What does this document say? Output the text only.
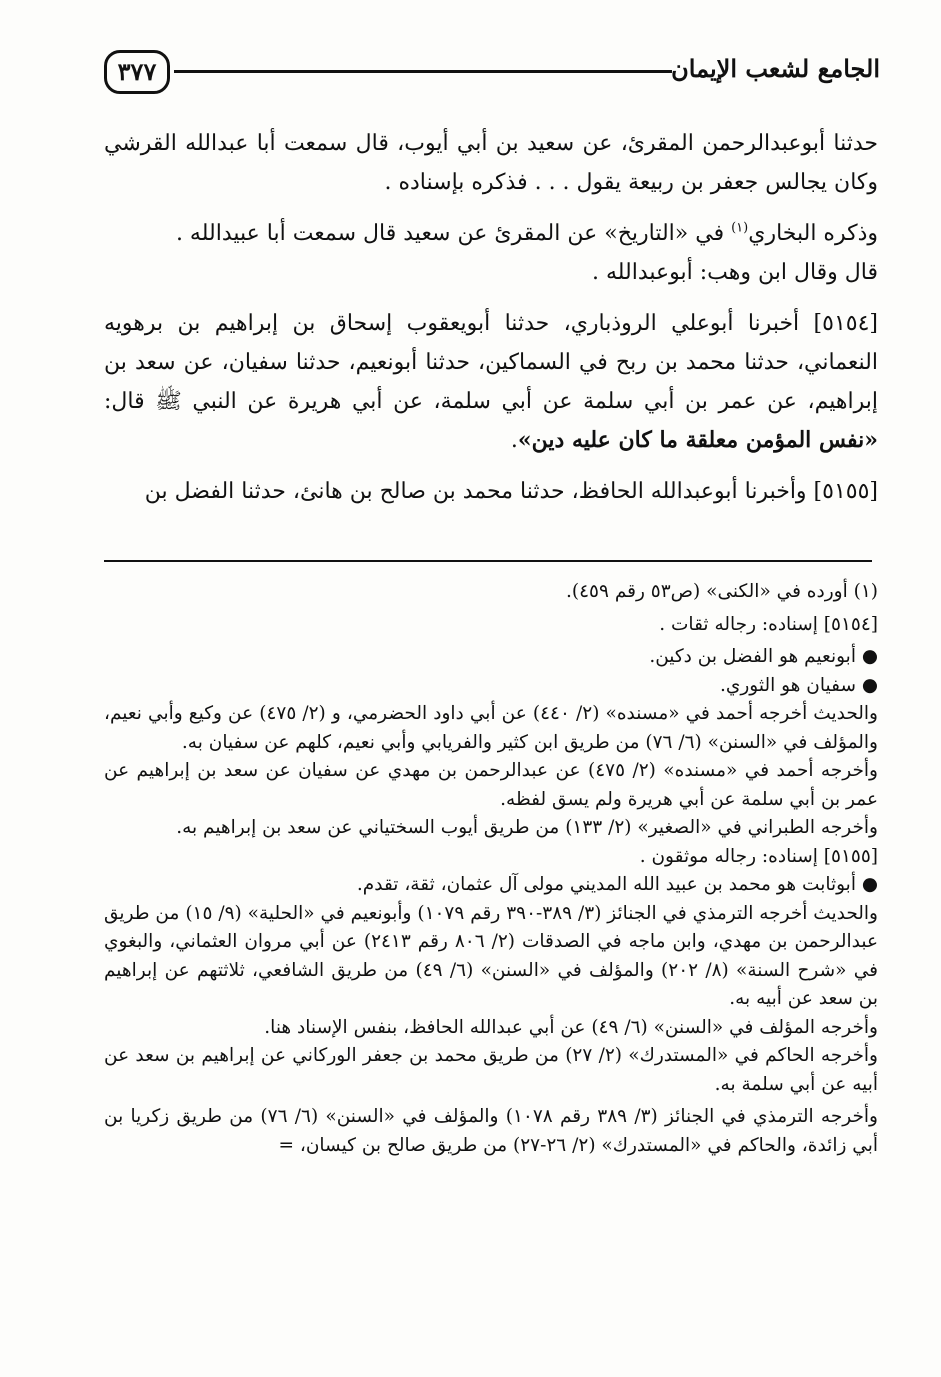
٣٧٧	الجامع لشعب الإيمان

حدثنا أبوعبدالرحمن المقرئ، عن سعيد بن أبي أيوب، قال سمعت أبا عبدالله القرشي وكان يجالس جعفر بن ربيعة يقول . . . فذكره بإسناده .

وذكره البخاري$^{(١)}$ في «التاريخ» عن المقرئ عن سعيد قال سمعت أبا عبيدالله .

قال وقال ابن وهب: أبوعبدالله .

[٥١٥٤] أخبرنا أبوعلي الروذباري، حدثنا أبويعقوب إسحاق بن إبراهيم بن برهويه النعماني، حدثنا محمد بن ربح في السماكين، حدثنا أبونعيم، حدثنا سفيان، عن سعد بن إبراهيم، عن عمر بن أبي سلمة عن أبي سلمة، عن أبي هريرة عن النبي ﷺ قال: «نفس المؤمن معلقة ما كان عليه دين».

[٥١٥٥] وأخبرنا أبوعبدالله الحافظ، حدثنا محمد بن صالح بن هانئ، حدثنا الفضل بن

(١) أورده في «الكنى» (ص٥٣ رقم ٤٥٩).

[٥١٥٤] إسناده: رجاله ثقات .

● أبونعيم هو الفضل بن دكين.

● سفيان هو الثوري.

والحديث أخرجه أحمد في «مسنده» (٢/ ٤٤٠) عن أبي داود الحضرمي، و (٢/ ٤٧٥) عن وكيع وأبي نعيم، والمؤلف في «السنن» (٦/ ٧٦) من طريق ابن كثير والفريابي وأبي نعيم، كلهم عن سفيان به.

وأخرجه أحمد في «مسنده» (٢/ ٤٧٥) عن عبدالرحمن بن مهدي عن سفيان عن سعد بن إبراهيم عن عمر بن أبي سلمة عن أبي هريرة ولم يسق لفظه.

وأخرجه الطبراني في «الصغير» (٢/ ١٣٣) من طريق أيوب السختياني عن سعد بن إبراهيم به.

[٥١٥٥] إسناده: رجاله موثقون .

● أبوثابت هو محمد بن عبيد الله المديني مولى آل عثمان، ثقة، تقدم.

والحديث أخرجه الترمذي في الجنائز (٣/ ٣٨٩-٣٩٠ رقم ١٠٧٩) وأبونعيم في «الحلية» (٩/ ١٥) من طريق عبدالرحمن بن مهدي، وابن ماجه في الصدقات (٢/ ٨٠٦ رقم ٢٤١٣) عن أبي مروان العثماني، والبغوي في «شرح السنة» (٨/ ٢٠٢) والمؤلف في «السنن» (٦/ ٤٩) من طريق الشافعي، ثلاثتهم عن إبراهيم بن سعد عن أبيه به.

وأخرجه المؤلف في «السنن» (٦/ ٤٩) عن أبي عبدالله الحافظ، بنفس الإسناد هنا.

وأخرجه الحاكم في «المستدرك» (٢/ ٢٧) من طريق محمد بن جعفر الوركاني عن إبراهيم بن سعد عن أبيه عن أبي سلمة به.

وأخرجه الترمذي في الجنائز (٣/ ٣٨٩ رقم ١٠٧٨) والمؤلف في «السنن» (٦/ ٧٦) من طريق زكريا بن أبي زائدة، والحاكم في «المستدرك» (٢/ ٢٦-٢٧) من طريق صالح بن كيسان، =
